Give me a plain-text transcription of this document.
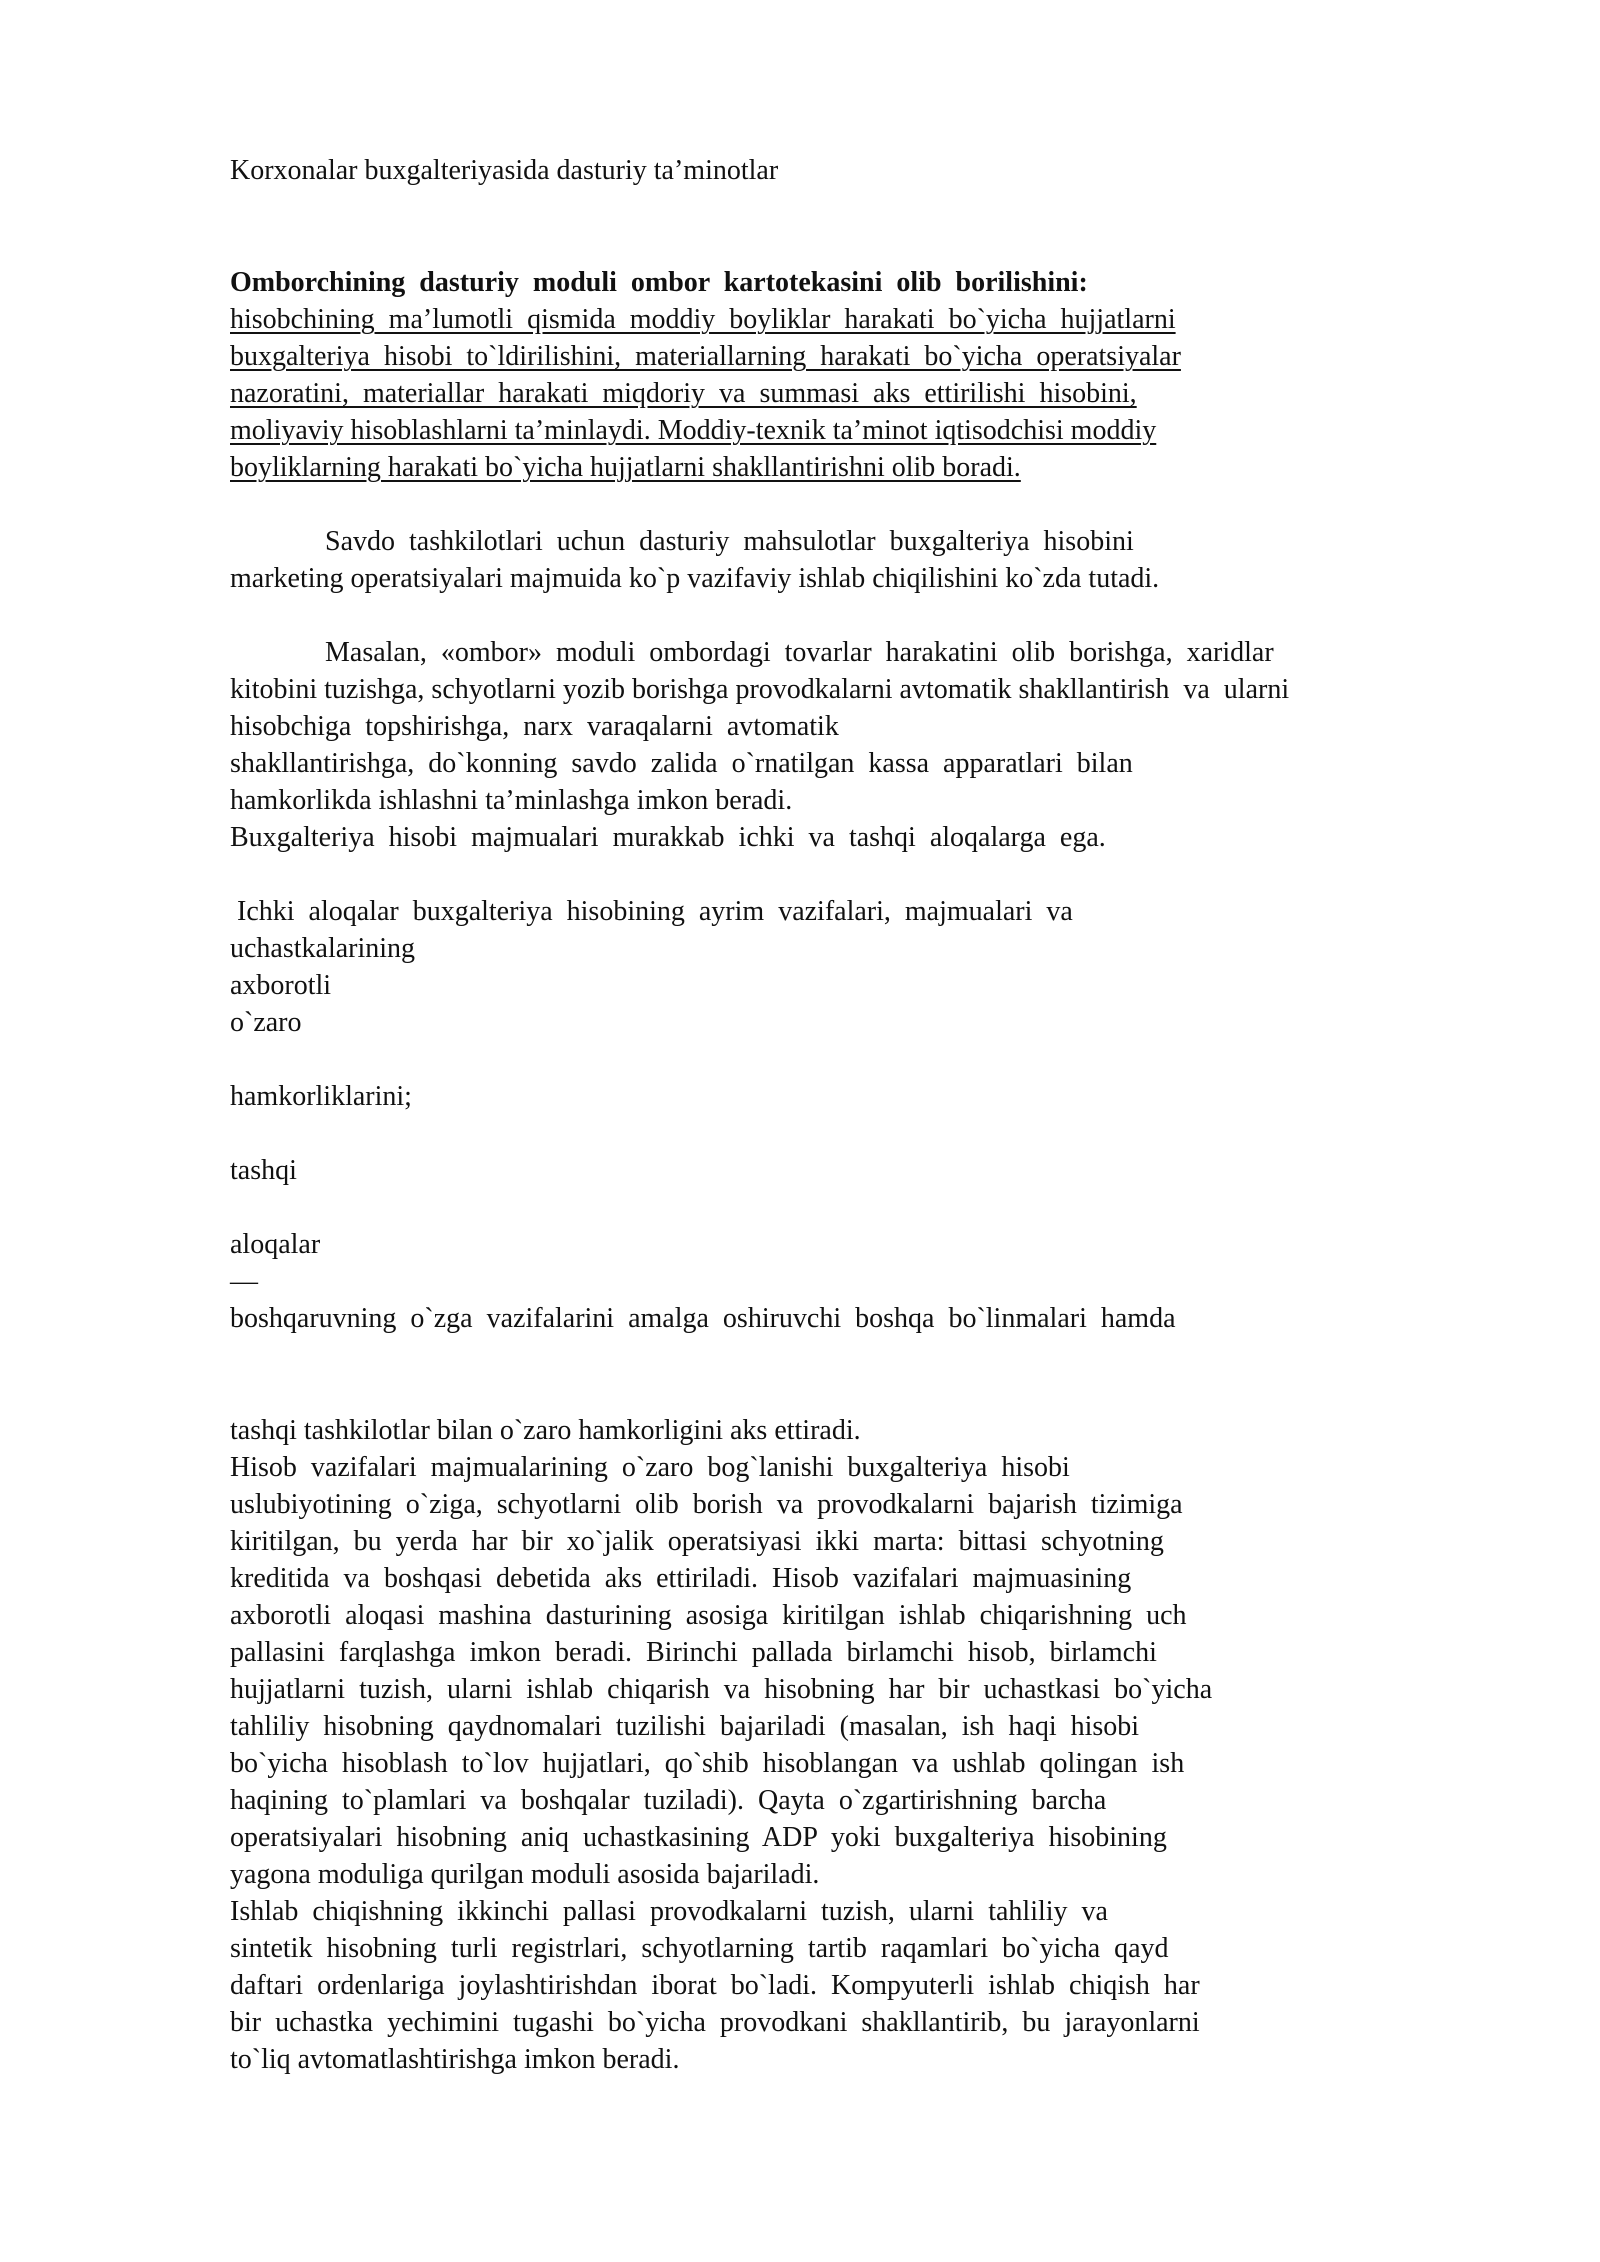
Korxonalar buxgalteriyasida dasturiy ta’minotlar

Omborchining  dasturiy  moduli  ombor  kartotekasini  olib  borilishini:

hisobchining  ma’lumotli  qismida  moddiy  boyliklar  harakati  bo`yicha  hujjatlarni

buxgalteriya  hisobi  to`ldirilishini,  materiallarning  harakati  bo`yicha  operatsiyalar

nazoratini,  materiallar  harakati  miqdoriy  va  summasi  aks  ettirilishi  hisobini,

moliyaviy hisoblashlarni ta’minlaydi. Moddiy-texnik ta’minot iqtisodchisi moddiy

boyliklarning harakati bo`yicha hujjatlarni shakllantirishni olib boradi.

Savdo  tashkilotlari  uchun  dasturiy  mahsulotlar  buxgalteriya  hisobini

marketing operatsiyalari majmuida ko`p vazifaviy ishlab chiqilishini ko`zda tutadi.

Masalan,  «ombor»  moduli  ombordagi  tovarlar  harakatini  olib  borishga,  xaridlar

kitobini tuzishga, schyotlarni yozib borishga provodkalarni avtomatik shakllantirish  va  ularni

hisobchiga  topshirishga,  narx  varaqalarni  avtomatik

shakllantirishga,  do`konning  savdo  zalida  o`rnatilgan  kassa  apparatlari  bilan

hamkorlikda ishlashni ta’minlashga imkon beradi.

Buxgalteriya  hisobi  majmualari  murakkab  ichki  va  tashqi  aloqalarga  ega.

Ichki  aloqalar  buxgalteriya  hisobining  ayrim  vazifalari,  majmualari  va

uchastkalarining

axborotli

o`zaro

hamkorliklarini;

tashqi

aloqalar

—

boshqaruvning  o`zga  vazifalarini  amalga  oshiruvchi  boshqa  bo`linmalari  hamda

tashqi tashkilotlar bilan o`zaro hamkorligini aks ettiradi.

Hisob  vazifalari  majmualarining  o`zaro  bog`lanishi  buxgalteriya  hisobi

uslubiyotining  o`ziga,  schyotlarni  olib  borish  va  provodkalarni  bajarish  tizimiga

kiritilgan,  bu  yerda  har  bir  xo`jalik  operatsiyasi  ikki  marta:  bittasi  schyotning

kreditida  va  boshqasi  debetida  aks  ettiriladi.  Hisob  vazifalari  majmuasining

axborotli  aloqasi  mashina  dasturining  asosiga  kiritilgan  ishlab  chiqarishning  uch

pallasini  farqlashga  imkon  beradi.  Birinchi  pallada  birlamchi  hisob,  birlamchi

hujjatlarni  tuzish,  ularni  ishlab  chiqarish  va  hisobning  har  bir  uchastkasi  bo`yicha

tahliliy  hisobning  qaydnomalari  tuzilishi  bajariladi  (masalan,  ish  haqi  hisobi

bo`yicha  hisoblash  to`lov  hujjatlari,  qo`shib  hisoblangan  va  ushlab  qolingan  ish

haqining  to`plamlari  va  boshqalar  tuziladi).  Qayta  o`zgartirishning  barcha

operatsiyalari  hisobning  aniq  uchastkasining  ADP  yoki  buxgalteriya  hisobining

yagona moduliga qurilgan moduli asosida bajariladi.

Ishlab  chiqishning  ikkinchi  pallasi  provodkalarni  tuzish,  ularni  tahliliy  va

sintetik  hisobning  turli  registrlari,  schyotlarning  tartib  raqamlari  bo`yicha  qayd

daftari  ordenlariga  joylashtirishdan  iborat  bo`ladi.  Kompyuterli  ishlab  chiqish  har

bir  uchastka  yechimini  tugashi  bo`yicha  provodkani  shakllantirib,  bu  jarayonlarni

to`liq avtomatlashtirishga imkon beradi.
